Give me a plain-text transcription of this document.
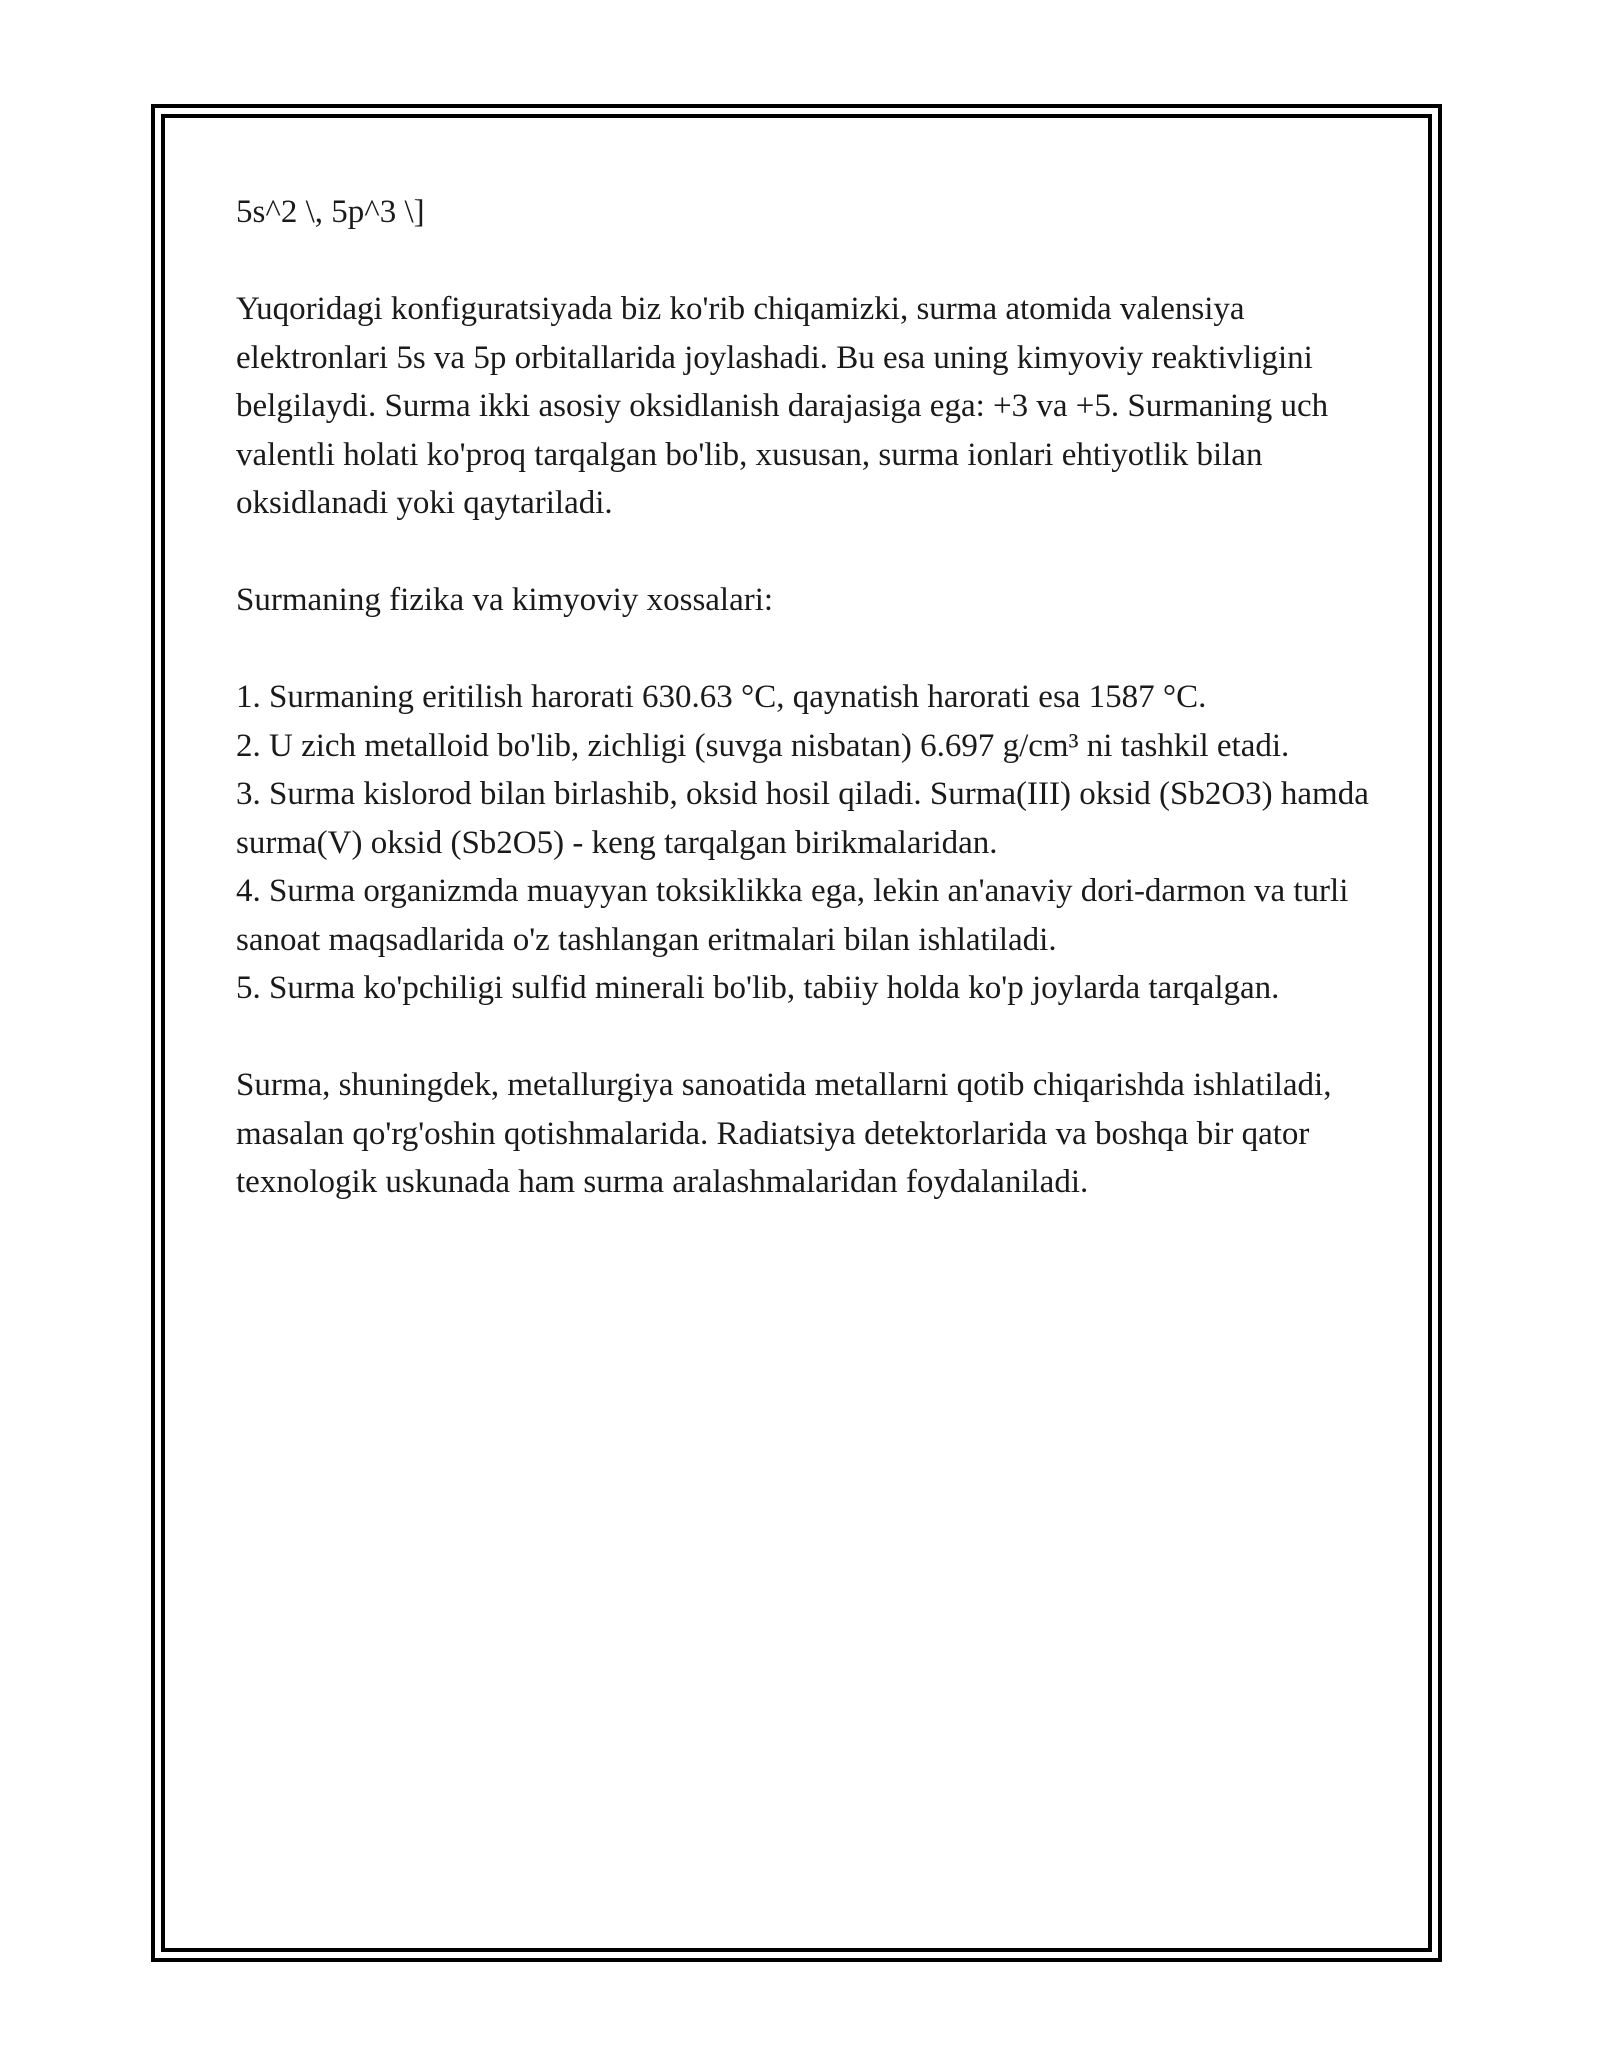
5s^2 \, 5p^3 \]

Yuqoridagi konfiguratsiyada biz ko'rib chiqamizki, surma atomida valensiya elektronlari 5s va 5p orbitallarida joylashadi. Bu esa uning kimyoviy reaktivligini belgilaydi. Surma ikki asosiy oksidlanish darajasiga ega: +3 va +5. Surmaning uch valentli holati ko'proq tarqalgan bo'lib, xususan, surma ionlari ehtiyotlik bilan oksidlanadi yoki qaytariladi.

Surmaning fizika va kimyoviy xossalari:

1. Surmaning eritilish harorati 630.63 °C, qaynatish harorati esa 1587 °C.
2. U zich metalloid bo'lib, zichligi (suvga nisbatan) 6.697 g/cm³ ni tashkil etadi.
3. Surma kislorod bilan birlashib, oksid hosil qiladi. Surma(III) oksid (Sb2O3) hamda surma(V) oksid (Sb2O5) - keng tarqalgan birikmalaridan.
4. Surma organizmda muayyan toksiklikka ega, lekin an'anaviy dori-darmon va turli sanoat maqsadlarida o'z tashlangan eritmalari bilan ishlatiladi.
5. Surma ko'pchiligi sulfid minerali bo'lib, tabiiy holda ko'p joylarda tarqalgan.

Surma, shuningdek, metallurgiya sanoatida metallarni qotib chiqarishda ishlatiladi, masalan qo'rg'oshin qotishmalarida. Radiatsiya detektorlarida va boshqa bir qator texnologik uskunada ham surma aralashmalaridan foydalaniladi.
